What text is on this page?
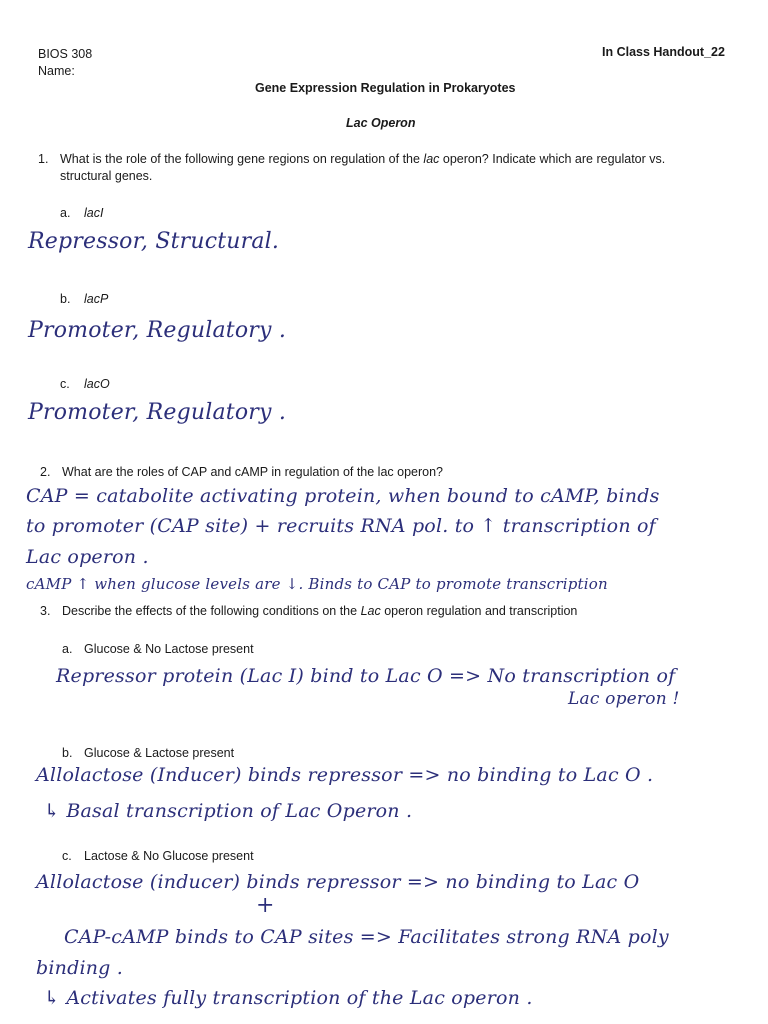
BIOS 308
Name:
In Class Handout_22
Gene Expression Regulation in Prokaryotes
Lac Operon
1. What is the role of the following gene regions on regulation of the lac operon? Indicate which are regulator vs.
structural genes.
a. lacI
Repressor, Structural.
b. lacP
Promoter, Regulatory .
c. lacO
Promoter, Regulatory .
2. What are the roles of CAP and cAMP in regulation of the lac operon?
CAP = catabolite activating protein, when bound to cAMP, binds
to promoter (CAP site) + recruits RNA pol. to ↑ transcription of
Lac operon .
cAMP ↑ when glucose levels are ↓. Binds to CAP to promote transcription
3. Describe the effects of the following conditions on the Lac operon regulation and transcription
a. Glucose & No Lactose present
Repressor protein (Lac I) bind to Lac O => No transcription of
Lac operon !
b. Glucose & Lactose present
Allolactose (Inducer) binds repressor => no binding to Lac O .
↳ Basal transcription of Lac Operon .
c. Lactose & No Glucose present
Allolactose (inducer) binds repressor => no binding to Lac O
+
CAP-cAMP binds to CAP sites => Facilitates strong RNA poly
binding .
↳ Activates fully transcription of the Lac operon .
